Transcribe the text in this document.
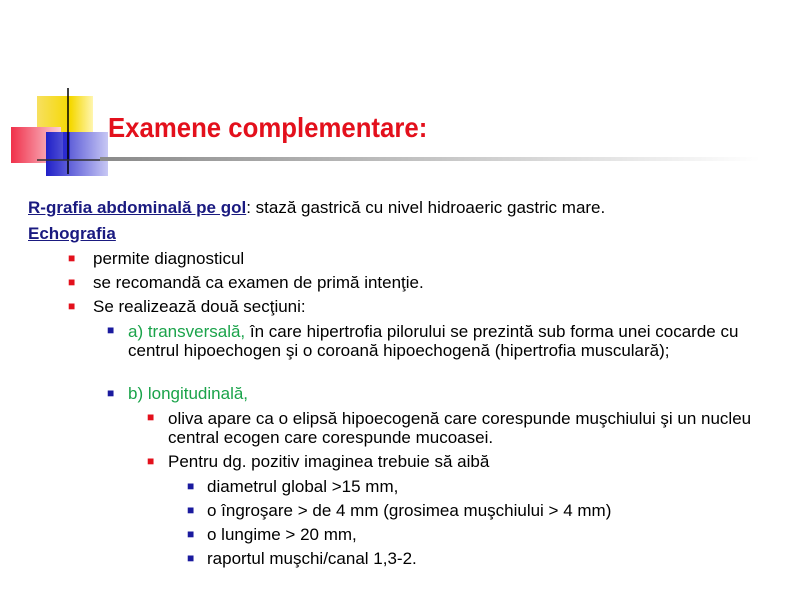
Examene complementare:
R-grafia abdominală pe gol: stază gastrică cu nivel hidroaeric gastric mare.
Echografia
■ permite diagnosticul
■ se recomandă ca examen de primă intenţie.
■ Se realizează două secţiuni:
■ a) transversală, în care hipertrofia pilorului se prezintă sub forma unei cocarde cu centrul hipoechogen şi o coroană hipoechogenă (hipertrofia musculară);
■ b) longitudinală,
■ oliva apare ca o elipsă hipoecogenă care corespunde muşchiului şi un nucleu central ecogen care corespunde mucoasei.
■ Pentru dg. pozitiv imaginea trebuie să aibă
■ diametrul global >15 mm,
■ o îngroşare > de 4 mm (grosimea muşchiului > 4 mm)
■ o lungime > 20 mm,
■ raportul muşchi/canal 1,3-2.
